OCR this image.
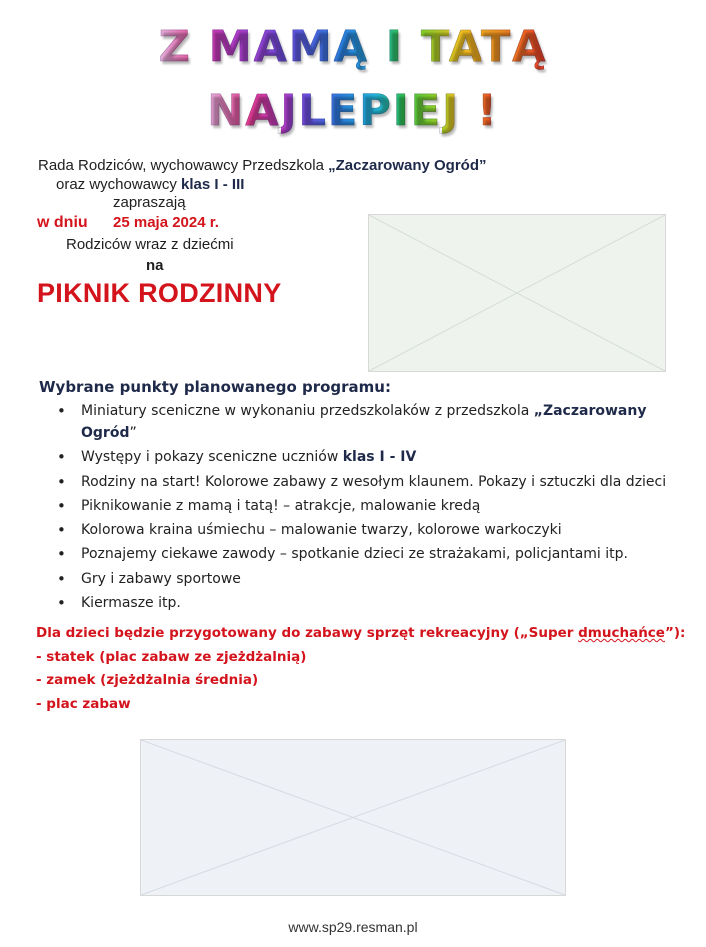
Z MAMĄ I TATĄ
NAJLEPIEJ !
Rada Rodziców, wychowawcy Przedszkola „Zaczarowany Ogród”
oraz wychowawcy klas I - III
zapraszają
w dniu 25 maja 2024 r.
Rodziców wraz z dziećmi
na
PIKNIK RODZINNY
Wybrane punkty planowanego programu:
• Miniatury sceniczne w wykonaniu przedszkolaków z przedszkola „Zaczarowany
Ogród”
• Występy i pokazy sceniczne uczniów klas I - IV
• Rodziny na start! Kolorowe zabawy z wesołym klaunem. Pokazy i sztuczki dla dzieci
• Piknikowanie z mamą i tatą! – atrakcje, malowanie kredą
• Kolorowa kraina uśmiechu – malowanie twarzy, kolorowe warkoczyki
• Poznajemy ciekawe zawody – spotkanie dzieci ze strażakami, policjantami itp.
• Gry i zabawy sportowe
• Kiermasze itp.
Dla dzieci będzie przygotowany do zabawy sprzęt rekreacyjny („Super dmuchańce”):
- statek (plac zabaw ze zjeżdżalnią)
- zamek (zjeżdżalnia średnia)
- plac zabaw
www.sp29.resman.pl
